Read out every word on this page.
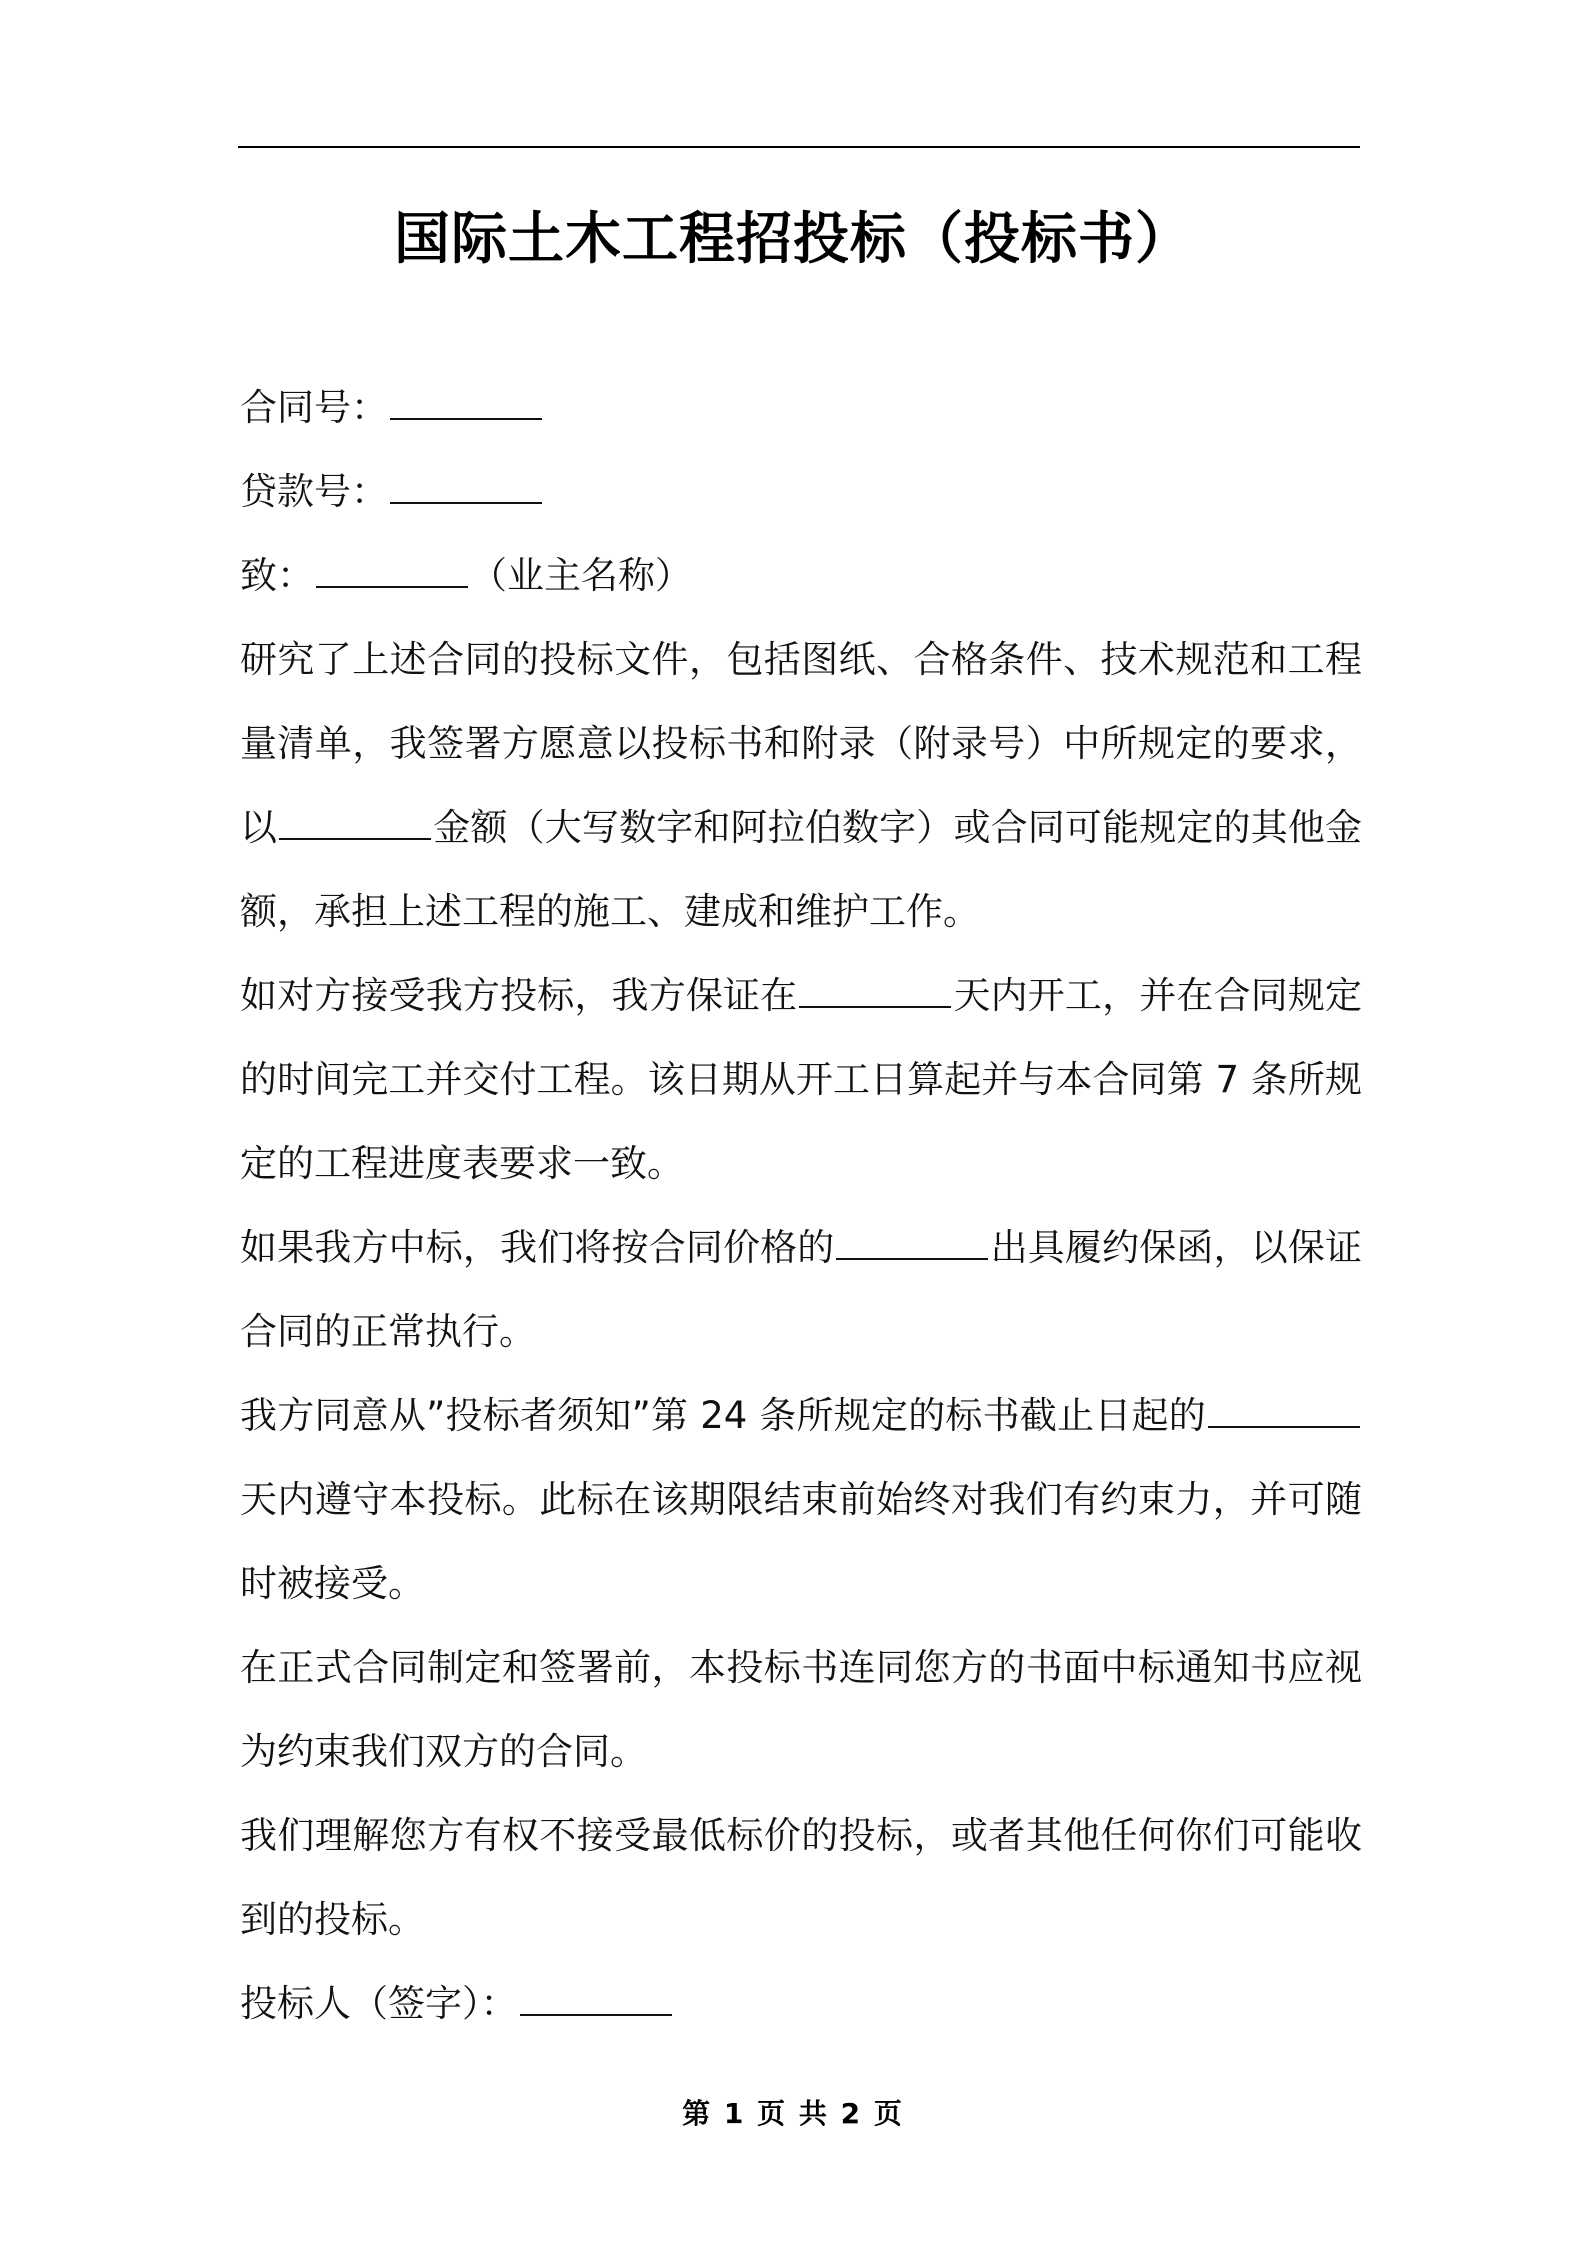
国际土木工程招投标（投标书）

合同号：

贷款号：

致：	（业主名称）

研究了上述合同的投标文件，包括图纸、合格条件、技术规范和工程量清单，我签署方愿意以投标书和附录（附录号）中所规定的要求，以	金额（大写数字和阿拉伯数字）或合同可能规定的其他金额，承担上述工程的施工、建成和维护工作。

如对方接受我方投标，我方保证在	天内开工，并在合同规定的时间完工并交付工程。该日期从开工日算起并与本合同第 7 条所规定的工程进度表要求一致。

如果我方中标，我们将按合同价格的	出具履约保函，以保证合同的正常执行。

我方同意从”投标者须知”第 24 条所规定的标书截止日起的天内遵守本投标。此标在该期限结束前始终对我们有约束力，并可随时被接受。

在正式合同制定和签署前，本投标书连同您方的书面中标通知书应视为约束我们双方的合同。

我们理解您方有权不接受最低标价的投标，或者其他任何你们可能收到的投标。

投标人（签字）：

第 1 页 共 2 页
